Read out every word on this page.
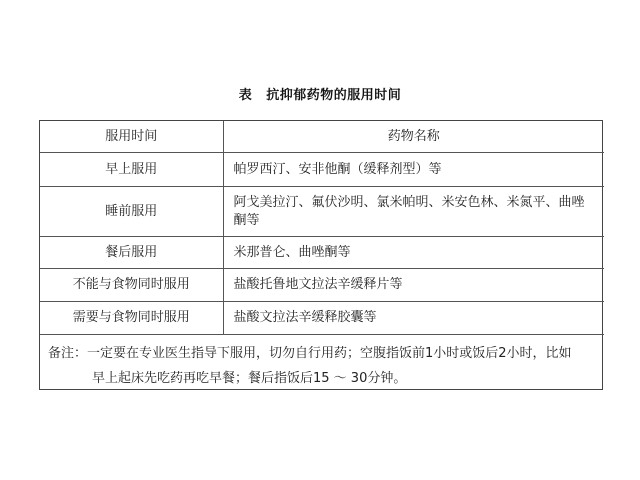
表 抗抑郁药物的服用时间
服用时间	药物名称
早上服用	帕罗西汀、安非他酮（缓释剂型）等
睡前服用	阿戈美拉汀、氟伏沙明、氯米帕明、米安色林、米氮平、曲唑酮等
餐后服用	米那普仑、曲唑酮等
不能与食物同时服用	盐酸托鲁地文拉法辛缓释片等
需要与食物同时服用	盐酸文拉法辛缓释胶囊等

备注：一定要在专业医生指导下服用，切勿自行用药；空腹指饭前1小时或饭后2小时，比如
早上起床先吃药再吃早餐；餐后指饭后15 ～ 30分钟。	
